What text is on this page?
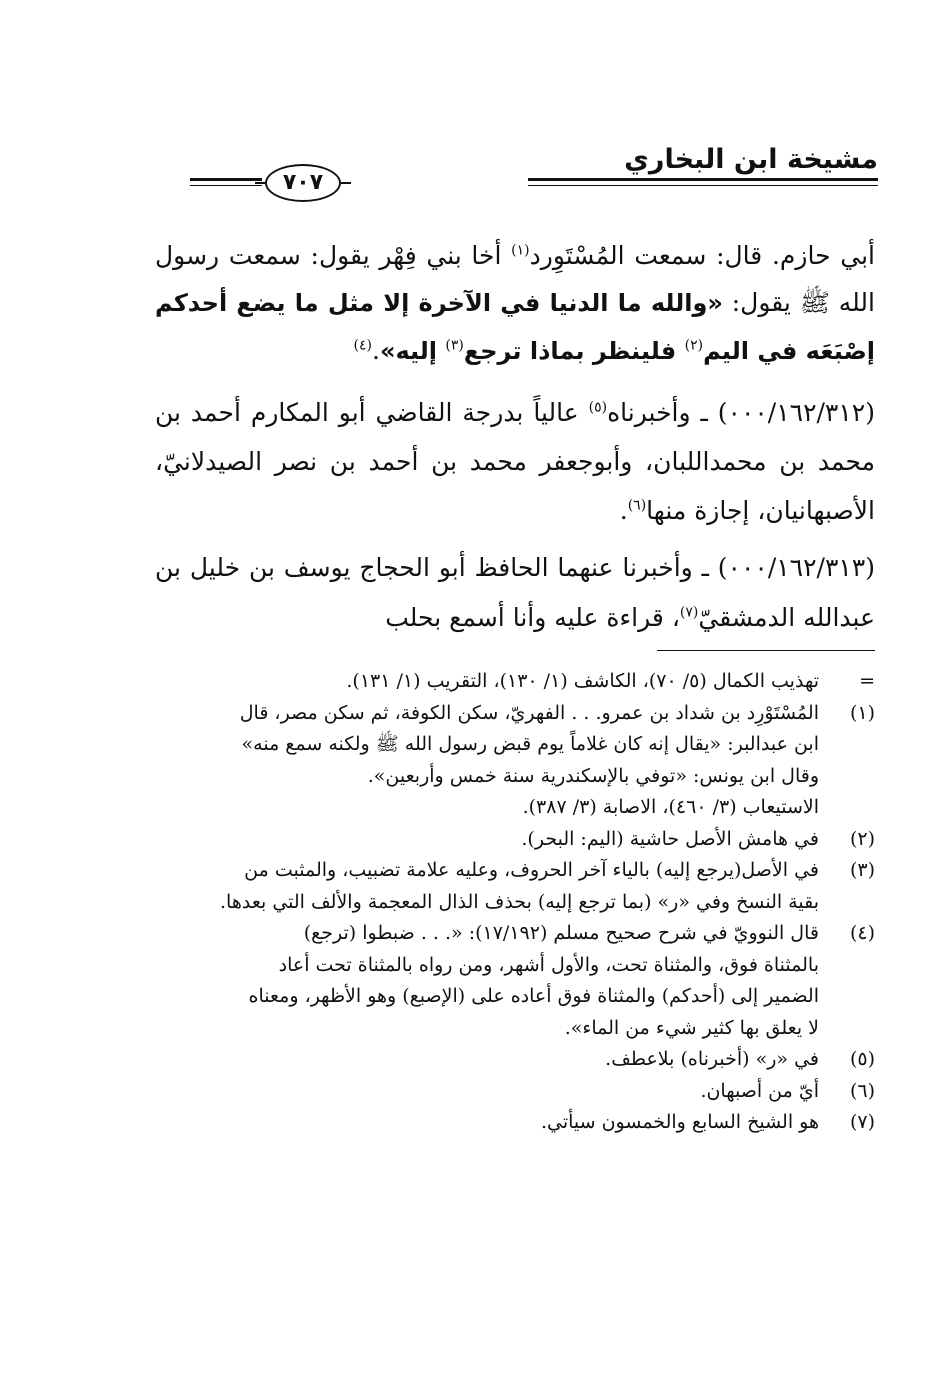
مشيخة ابن البخاري
٧٠٧

أبي حازم. قال: سمعت المُسْتَوِرد$^{(١)}$ أخا بني فِهْر يقول: سمعت رسول الله ﷺ يقول: «والله ما الدنيا في الآخرة إلا مثل ما يضع أحدكم إصْبَعَه في اليم$^{(٢)}$ فلينظر بماذا ترجع$^{(٣)}$ إليه».$^{(٤)}$

(٠٠٠/١٦٢/٣١٢) ـ وأخبرناه$^{(٥)}$ عالياً بدرجة القاضي أبو المكارم أحمد بن محمد بن محمداللبان، وأبوجعفر محمد بن أحمد بن نصر الصيدلانيّ، الأصبهانيان، إجازة منها$^{(٦)}$.

(٠٠٠/١٦٢/٣١٣) ـ وأخبرنا عنهما الحافظ أبو الحجاج يوسف بن خليل بن عبدالله الدمشقيّ$^{(٧)}$، قراءة عليه وأنا أسمع بحلب

=
تهذيب الكمال (٥/ ٧٠)، الكاشف (١/ ١٣٠)، التقريب (١/ ١٣١).
(١)
المُسْتَوْرِد بن شداد بن عمرو. . . الفهريّ، سكن الكوفة، ثم سكن مصر، قال
ابن عبدالبر: «يقال إنه كان غلاماً يوم قبض رسول الله ﷺ ولكنه سمع منه»
وقال ابن يونس: «توفي بالإسكندرية سنة خمس وأربعين».
الاستيعاب (٣/ ٤٦٠)، الاصابة (٣/ ٣٨٧).
(٢)
في هامش الأصل حاشية (اليم: البحر).
(٣)
في الأصل(يرجع إليه) بالياء آخر الحروف، وعليه علامة تضبيب، والمثبت من
بقية النسخ وفي «ر» (بما ترجع إليه) بحذف الذال المعجمة والألف التي بعدها.
(٤)
قال النوويّ في شرح صحيح مسلم (١٧/١٩٢): «. . . ضبطوا (ترجع)
بالمثناة فوق، والمثناة تحت، والأول أشهر، ومن رواه بالمثناة تحت أعاد
الضمير إلى (أحدكم) والمثناة فوق أعاده على (الإصبع) وهو الأظهر، ومعناه
لا يعلق بها كثير شيء من الماء».
(٥)
في «ر» (أخبرناه) بلاعطف.
(٦)
أيّ من أصبهان.
(٧)
هو الشيخ السابع والخمسون سيأتي.
